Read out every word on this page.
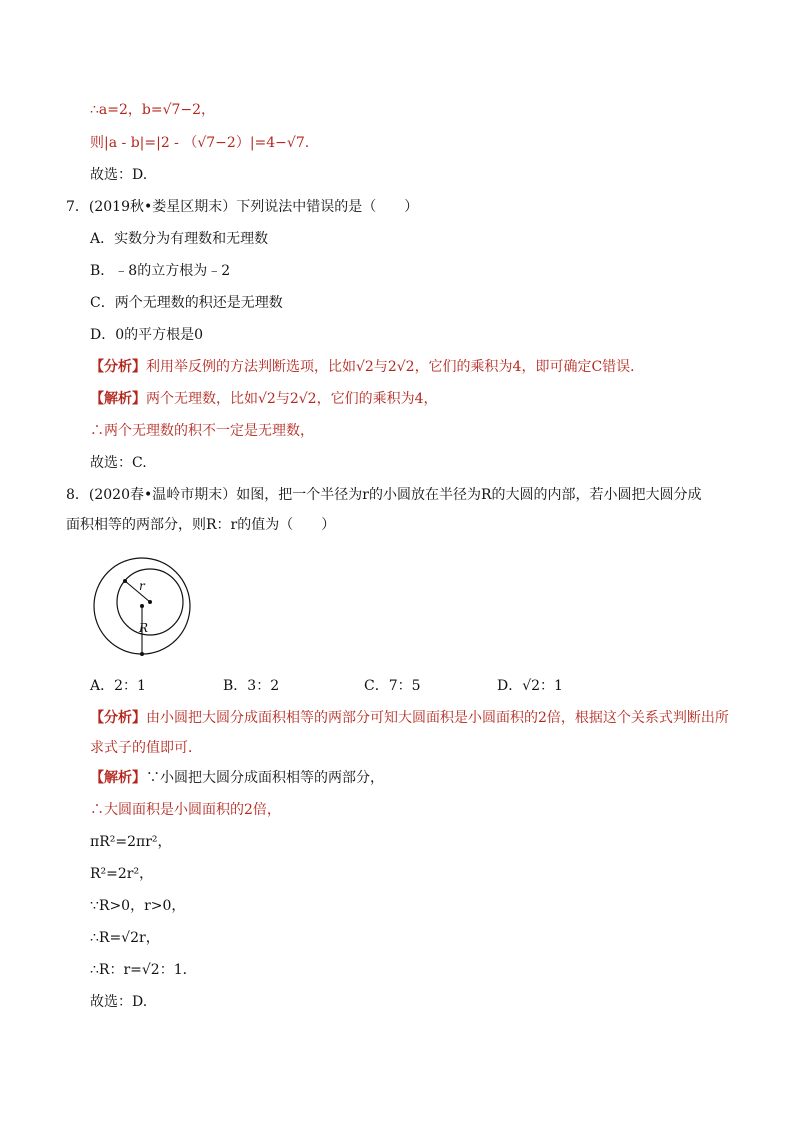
∴a=2，b=√7−2，
则|a - b|=|2 - （√7−2）|=4−√7.
故选：D.
7．(2019秋•娄星区期末）下列说法中错误的是（　　）
A．实数分为有理数和无理数
B．﹣8的立方根为﹣2
C．两个无理数的积还是无理数
D．0的平方根是0
【分析】利用举反例的方法判断选项，比如√2与2√2，它们的乘积为4，即可确定C错误．
【解析】两个无理数，比如√2与2√2，它们的乘积为4，
∴两个无理数的积不一定是无理数，
故选：C.
8．(2020春•温岭市期末）如图，把一个半径为r的小圆放在半径为R的大圆的内部，若小圆把大圆分成面积相等的两部分，则R：r的值为（　　）
r
R
A．2：1	B．3：2	C．7：5	D．√2：1
【分析】由小圆把大圆分成面积相等的两部分可知大圆面积是小圆面积的2倍，根据这个关系式判断出所求式子的值即可．
【解析】∵小圆把大圆分成面积相等的两部分，
∴大圆面积是小圆面积的2倍，
πR²=2πr²，
R²=2r²，
∵R>0，r>0，
∴R=√2r，
∴R：r=√2：1．
故选：D.
